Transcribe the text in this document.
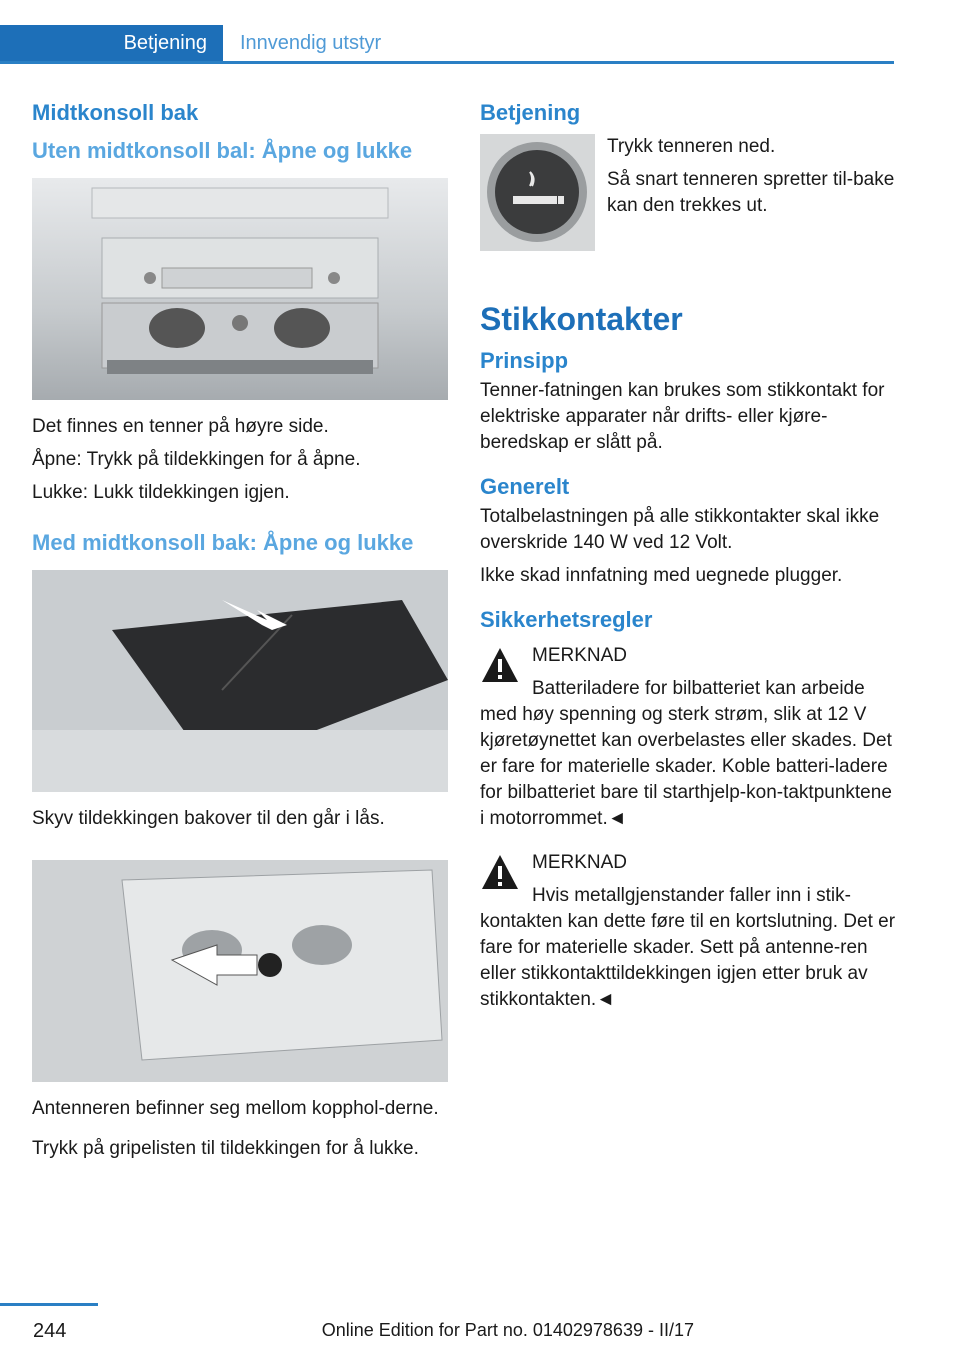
Betjening	Innvendig utstyr
Midtkonsoll bak
Uten midtkonsoll bal: Åpne og lukke

Det finnes en tenner på høyre side.

Åpne: Trykk på tildekkingen for å åpne.

Lukke: Lukk tildekkingen igjen.

Med midtkonsoll bak: Åpne og lukke

Skyv tildekkingen bakover til den går i lås.

Antenneren befinner seg mellom kopphol-derne.

Trykk på gripelisten til tildekkingen for å lukke.

Betjening

Trykk tenneren ned.

Så snart tenneren spretter til-bake kan den trekkes ut.

Stikkontakter
Prinsipp

Tenner-fatningen kan brukes som stikkontakt for elektriske apparater når drifts- eller kjøre-beredskap er slått på.

Generelt

Totalbelastningen på alle stikkontakter skal ikke overskride 140 W ved 12 Volt.

Ikke skad innfatning med uegnede plugger.

Sikkerhetsregler

MERKNAD

Batteriladere for bilbatteriet kan arbeide med høy spenning og sterk strøm, slik at 12 V kjøretøynettet kan overbelastes eller skades. Det er fare for materielle skader. Koble batteri-ladere for bilbatteriet bare til starthjelp-kon-taktpunktene i motorrommet.◄

MERKNAD

Hvis metallgjenstander faller inn i stik-kontakten kan dette føre til en kortslutning. Det er fare for materielle skader. Sett på antenne-ren eller stikkontakttildekkingen igjen etter bruk av stikkontakten.◄

244	Online Edition for Part no. 01402978639 - II/17
